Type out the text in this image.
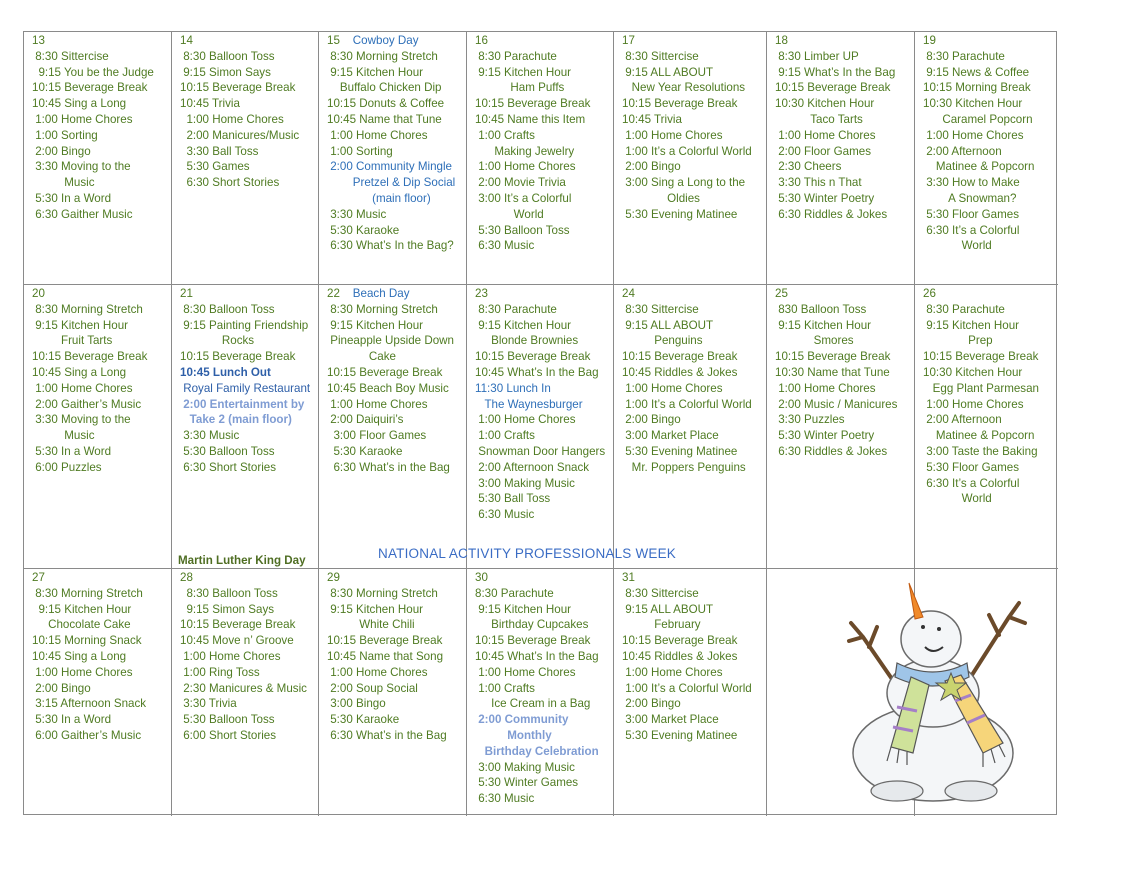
13
8:30 Sittercise
9:15 You be the Judge
10:15 Beverage Break
10:45 Sing a Long
1:00 Home Chores
1:00 Sorting
2:00 Bingo
3:30 Moving to the
Music
5:30 In a Word
6:30 Gaither Music
14
8:30 Balloon Toss
9:15 Simon Says
10:15 Beverage Break
10:45 Trivia
1:00 Home Chores
2:00 Manicures/Music
3:30 Ball Toss
5:30 Games
6:30 Short Stories
15 Cowboy Day
8:30 Morning Stretch
9:15 Kitchen Hour
Buffalo Chicken Dip
10:15 Donuts & Coffee
10:45 Name that Tune
1:00 Home Chores
1:00 Sorting
2:00 Community Mingle
Pretzel & Dip Social
(main floor)
3:30 Music
5:30 Karaoke
6:30 What’s In the Bag?
16
8:30 Parachute
9:15 Kitchen Hour
Ham Puffs
10:15 Beverage Break
10:45 Name this Item
1:00 Crafts
Making Jewelry
1:00 Home Chores
2:00 Movie Trivia
3:00 It’s a Colorful
World
5:30 Balloon Toss
6:30 Music
17
8:30 Sittercise
9:15 ALL ABOUT
New Year Resolutions
10:15 Beverage Break
10:45 Trivia
1:00 Home Chores
1:00 It’s a Colorful World
2:00 Bingo
3:00 Sing a Long to the
Oldies
5:30 Evening Matinee
18
8:30 Limber UP
9:15 What’s In the Bag
10:15 Beverage Break
10:30 Kitchen Hour
Taco Tarts
1:00 Home Chores
2:00 Floor Games
2:30 Cheers
3:30 This n That
5:30 Winter Poetry
6:30 Riddles & Jokes
19
8:30 Parachute
9:15 News & Coffee
10:15 Morning Break
10:30 Kitchen Hour
Caramel Popcorn
1:00 Home Chores
2:00 Afternoon
Matinee & Popcorn
3:30 How to Make
A Snowman?
5:30 Floor Games
6:30 It’s a Colorful
World
20
8:30 Morning Stretch
9:15 Kitchen Hour
Fruit Tarts
10:15 Beverage Break
10:45 Sing a Long
1:00 Home Chores
2:00 Gaither’s Music
3:30 Moving to the
Music
5:30 In a Word
6:00 Puzzles
21
8:30 Balloon Toss
9:15 Painting Friendship
Rocks
10:15 Beverage Break
10:45 Lunch Out
Royal Family Restaurant
2:00 Entertainment by
Take 2 (main floor)
3:30 Music
5:30 Balloon Toss
6:30 Short Stories
22 Beach Day
8:30 Morning Stretch
9:15 Kitchen Hour
Pineapple Upside Down
Cake
10:15 Beverage Break
10:45 Beach Boy Music
1:00 Home Chores
2:00 Daiquiri’s
3:00 Floor Games
5:30 Karaoke
6:30 What’s in the Bag
23
8:30 Parachute
9:15 Kitchen Hour
Blonde Brownies
10:15 Beverage Break
10:45 What’s In the Bag
11:30 Lunch In
The Waynesburger
1:00 Home Chores
1:00 Crafts
Snowman Door Hangers
2:00 Afternoon Snack
3:00 Making Music
5:30 Ball Toss
6:30 Music
24
8:30 Sittercise
9:15 ALL ABOUT
Penguins
10:15 Beverage Break
10:45 Riddles & Jokes
1:00 Home Chores
1:00 It’s a Colorful World
2:00 Bingo
3:00 Market Place
5:30 Evening Matinee
Mr. Poppers Penguins
25
830 Balloon Toss
9:15 Kitchen Hour
Smores
10:15 Beverage Break
10:30 Name that Tune
1:00 Home Chores
2:00 Music / Manicures
3:30 Puzzles
5:30 Winter Poetry
6:30 Riddles & Jokes
26
8:30 Parachute
9:15 Kitchen Hour
Prep
10:15 Beverage Break
10:30 Kitchen Hour
Egg Plant Parmesan
1:00 Home Chores
2:00 Afternoon
Matinee & Popcorn
3:00 Taste the Baking
5:30 Floor Games
6:30 It’s a Colorful
World
27
8:30 Morning Stretch
9:15 Kitchen Hour
Chocolate Cake
10:15 Morning Snack
10:45 Sing a Long
1:00 Home Chores
2:00 Bingo
3:15 Afternoon Snack
5:30 In a Word
6:00 Gaither’s Music
28
8:30 Balloon Toss
9:15 Simon Says
10:15 Beverage Break
10:45 Move n’ Groove
1:00 Home Chores
1:00 Ring Toss
2:30 Manicures & Music
3:30 Trivia
5:30 Balloon Toss
6:00 Short Stories
29
8:30 Morning Stretch
9:15 Kitchen Hour
White Chili
10:15 Beverage Break
10:45 Name that Song
1:00 Home Chores
2:00 Soup Social
3:00 Bingo
5:30 Karaoke
6:30 What’s in the Bag
30
8:30 Parachute
9:15 Kitchen Hour
Birthday Cupcakes
10:15 Beverage Break
10:45 What’s In the Bag
1:00 Home Chores
1:00 Crafts
Ice Cream in a Bag
2:00 Community
Monthly
Birthday Celebration
3:00 Making Music
5:30 Winter Games
6:30 Music
31
8:30 Sittercise
9:15 ALL ABOUT
February
10:15 Beverage Break
10:45 Riddles & Jokes
1:00 Home Chores
1:00 It’s a Colorful World
2:00 Bingo
3:00 Market Place
5:30 Evening Matinee
Martin Luther King Day	NATIONAL ACTIVITY PROFESSIONALS WEEK
